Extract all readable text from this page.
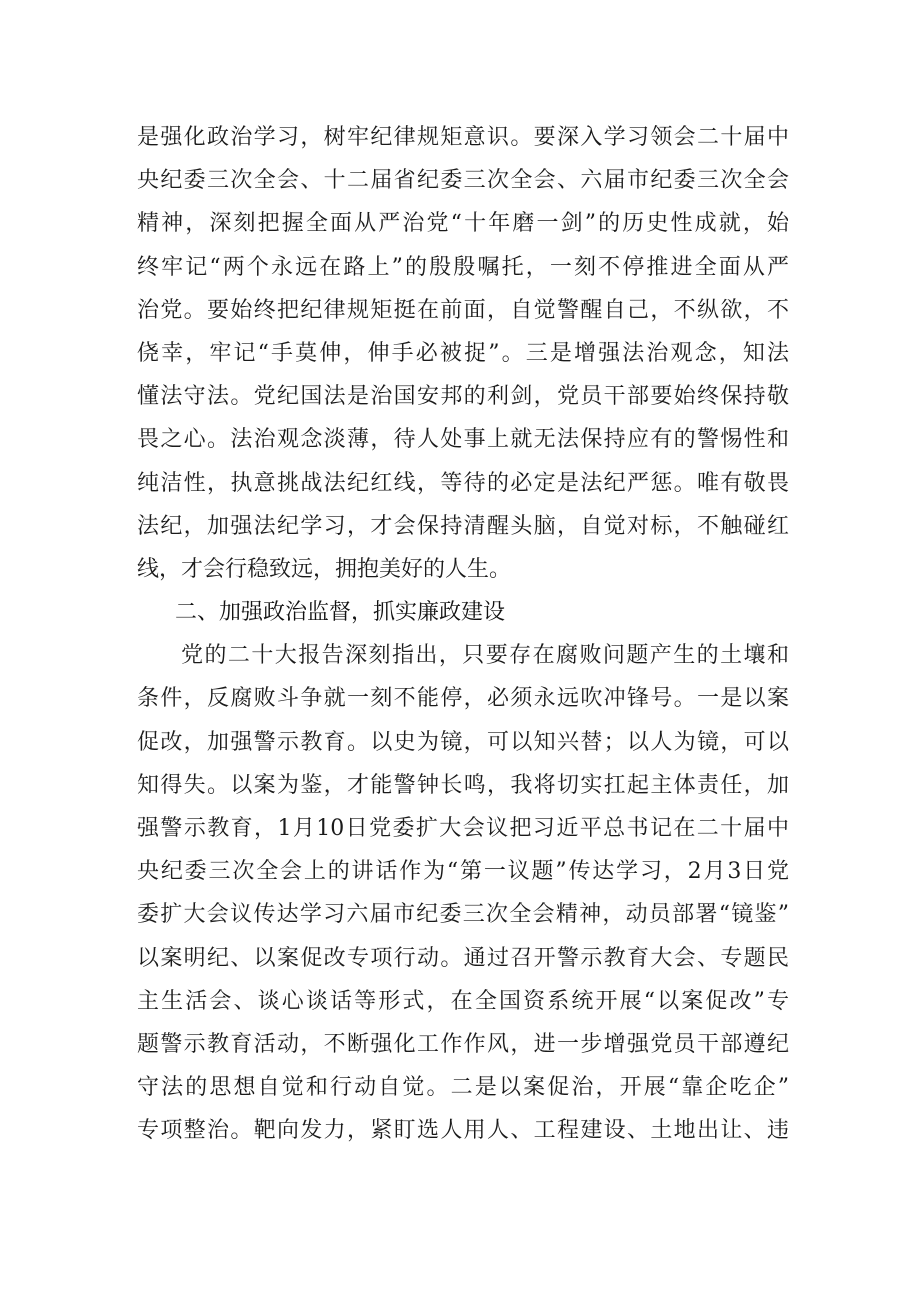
是强化政治学习，树牢纪律规矩意识。要深入学习领会二十届中
央纪委三次全会、十二届省纪委三次全会、六届市纪委三次全会
精神，深刻把握全面从严治党“十年磨一剑”的历史性成就，始
终牢记“两个永远在路上”的殷殷嘱托，一刻不停推进全面从严
治党。要始终把纪律规矩挺在前面，自觉警醒自己，不纵欲，不
侥幸，牢记“手莫伸，伸手必被捉”。三是增强法治观念，知法
懂法守法。党纪国法是治国安邦的利剑，党员干部要始终保持敬
畏之心。法治观念淡薄，待人处事上就无法保持应有的警惕性和
纯洁性，执意挑战法纪红线，等待的必定是法纪严惩。唯有敬畏
法纪，加强法纪学习，才会保持清醒头脑，自觉对标，不触碰红
线，才会行稳致远，拥抱美好的人生。
二、加强政治监督，抓实廉政建设
党的二十大报告深刻指出，只要存在腐败问题产生的土壤和
条件，反腐败斗争就一刻不能停，必须永远吹冲锋号。一是以案
促改，加强警示教育。以史为镜，可以知兴替；以人为镜，可以
知得失。以案为鉴，才能警钟长鸣，我将切实扛起主体责任，加
强警示教育，1月10日党委扩大会议把习近平总书记在二十届中
央纪委三次全会上的讲话作为“第一议题”传达学习，2月3日党
委扩大会议传达学习六届市纪委三次全会精神，动员部署“镜鉴”
以案明纪、以案促改专项行动。通过召开警示教育大会、专题民
主生活会、谈心谈话等形式，在全国资系统开展“以案促改”专
题警示教育活动，不断强化工作作风，进一步增强党员干部遵纪
守法的思想自觉和行动自觉。二是以案促治，开展“靠企吃企”
专项整治。靶向发力，紧盯选人用人、工程建设、土地出让、违
